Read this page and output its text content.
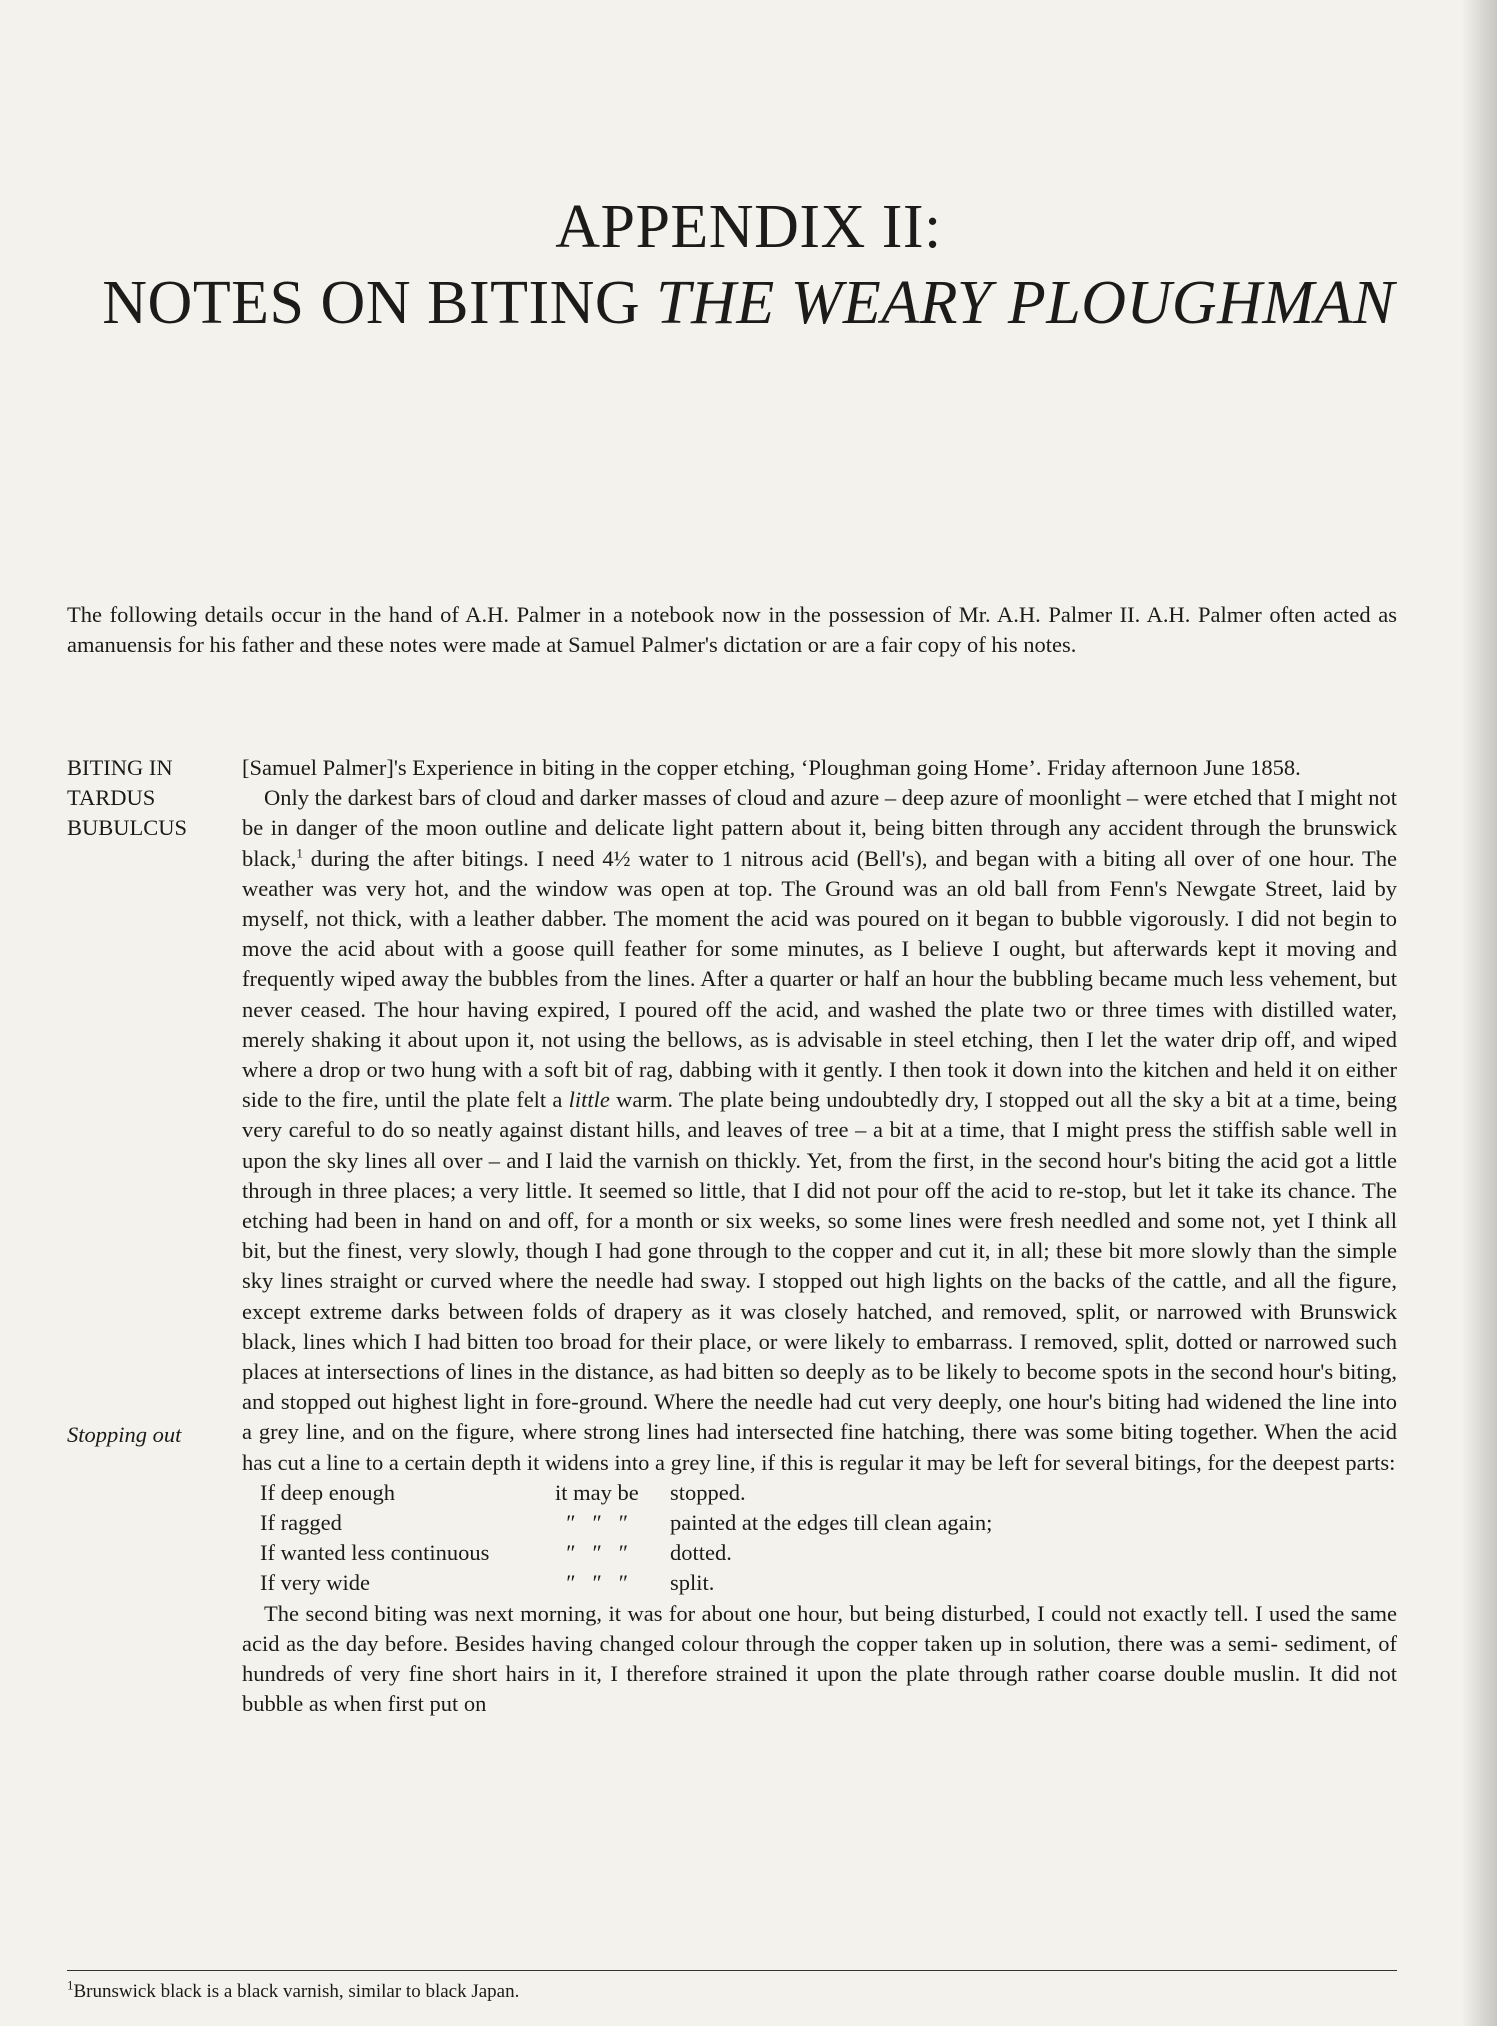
APPENDIX II:
NOTES ON BITING THE WEARY PLOUGHMAN
The following details occur in the hand of A.H. Palmer in a notebook now in the possession of Mr. A.H. Palmer II. A.H. Palmer often acted as amanuensis for his father and these notes were made at Samuel Palmer's dictation or are a fair copy of his notes.
BITING IN
TARDUS
BUBULCUS
Stopping out

[Samuel Palmer]'s Experience in biting in the copper etching, ‘Ploughman going Home’. Friday afternoon June 1858.

Only the darkest bars of cloud and darker masses of cloud and azure – deep azure of moonlight – were etched that I might not be in danger of the moon outline and delicate light pattern about it, being bitten through any accident through the brunswick black,$^1$ during the after bitings. I need 4½ water to 1 nitrous acid (Bell's), and began with a biting all over of one hour. The weather was very hot, and the window was open at top. The Ground was an old ball from Fenn's Newgate Street, laid by myself, not thick, with a leather dabber. The moment the acid was poured on it began to bubble vigorously. I did not begin to move the acid about with a goose quill feather for some minutes, as I believe I ought, but afterwards kept it moving and frequently wiped away the bubbles from the lines. After a quarter or half an hour the bubbling became much less vehement, but never ceased. The hour having expired, I poured off the acid, and washed the plate two or three times with distilled water, merely shaking it about upon it, not using the bellows, as is advisable in steel etching, then I let the water drip off, and wiped where a drop or two hung with a soft bit of rag, dabbing with it gently. I then took it down into the kitchen and held it on either side to the fire, until the plate felt a little warm. The plate being undoubtedly dry, I stopped out all the sky a bit at a time, being very careful to do so neatly against distant hills, and leaves of tree – a bit at a time, that I might press the stiffish sable well in upon the sky lines all over – and I laid the varnish on thickly. Yet, from the first, in the second hour's biting the acid got a little through in three places; a very little. It seemed so little, that I did not pour off the acid to re-stop, but let it take its chance. The etching had been in hand on and off, for a month or six weeks, so some lines were fresh needled and some not, yet I think all bit, but the finest, very slowly, though I had gone through to the copper and cut it, in all; these bit more slowly than the simple sky lines straight or curved where the needle had sway. I stopped out high lights on the backs of the cattle, and all the figure, except extreme darks between folds of drapery as it was closely hatched, and removed, split, or narrowed with Brunswick black, lines which I had bitten too broad for their place, or were likely to embarrass. I removed, split, dotted or narrowed such places at intersections of lines in the distance, as had bitten so deeply as to be likely to become spots in the second hour's biting, and stopped out highest light in fore-ground. Where the needle had cut very deeply, one hour's biting had widened the line into a grey line, and on the figure, where strong lines had intersected fine hatching, there was some biting together. When the acid has cut a line to a certain depth it widens into a grey line, if this is regular it may be left for several bitings, for the deepest parts:

If deep enough	it may be	stopped.
If ragged	″   ″   ″	painted at the edges till clean again;
If wanted less continuous	″   ″   ″	dotted.
If very wide	″   ″   ″	split.

The second biting was next morning, it was for about one hour, but being disturbed, I could not exactly tell. I used the same acid as the day before. Besides having changed colour through the copper taken up in solution, there was a semi- sediment, of hundreds of very fine short hairs in it, I therefore strained it upon the plate through rather coarse double muslin. It did not bubble as when first put on

$^1$Brunswick black is a black varnish, similar to black Japan.
